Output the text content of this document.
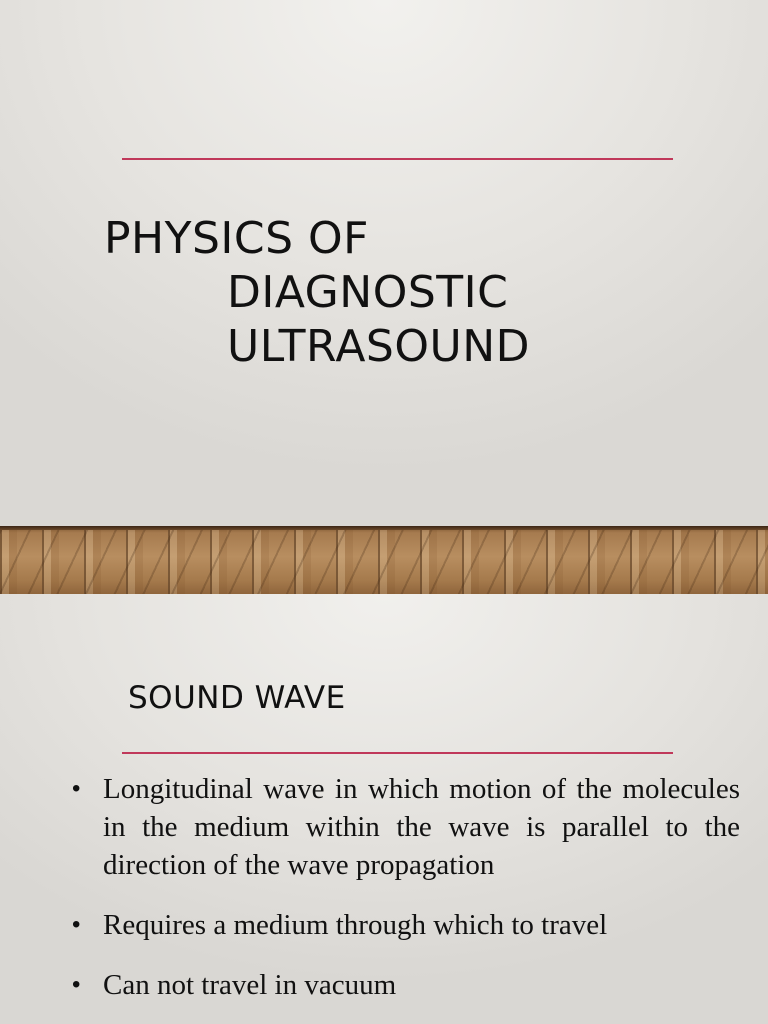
PHYSICS OF
DIAGNOSTIC
ULTRASOUND
SOUND WAVE
• Longitudinal wave in which motion of the molecules in the medium within the wave is parallel to the direction of the wave propagation
• Requires a medium through which to travel
• Can not travel in vacuum
